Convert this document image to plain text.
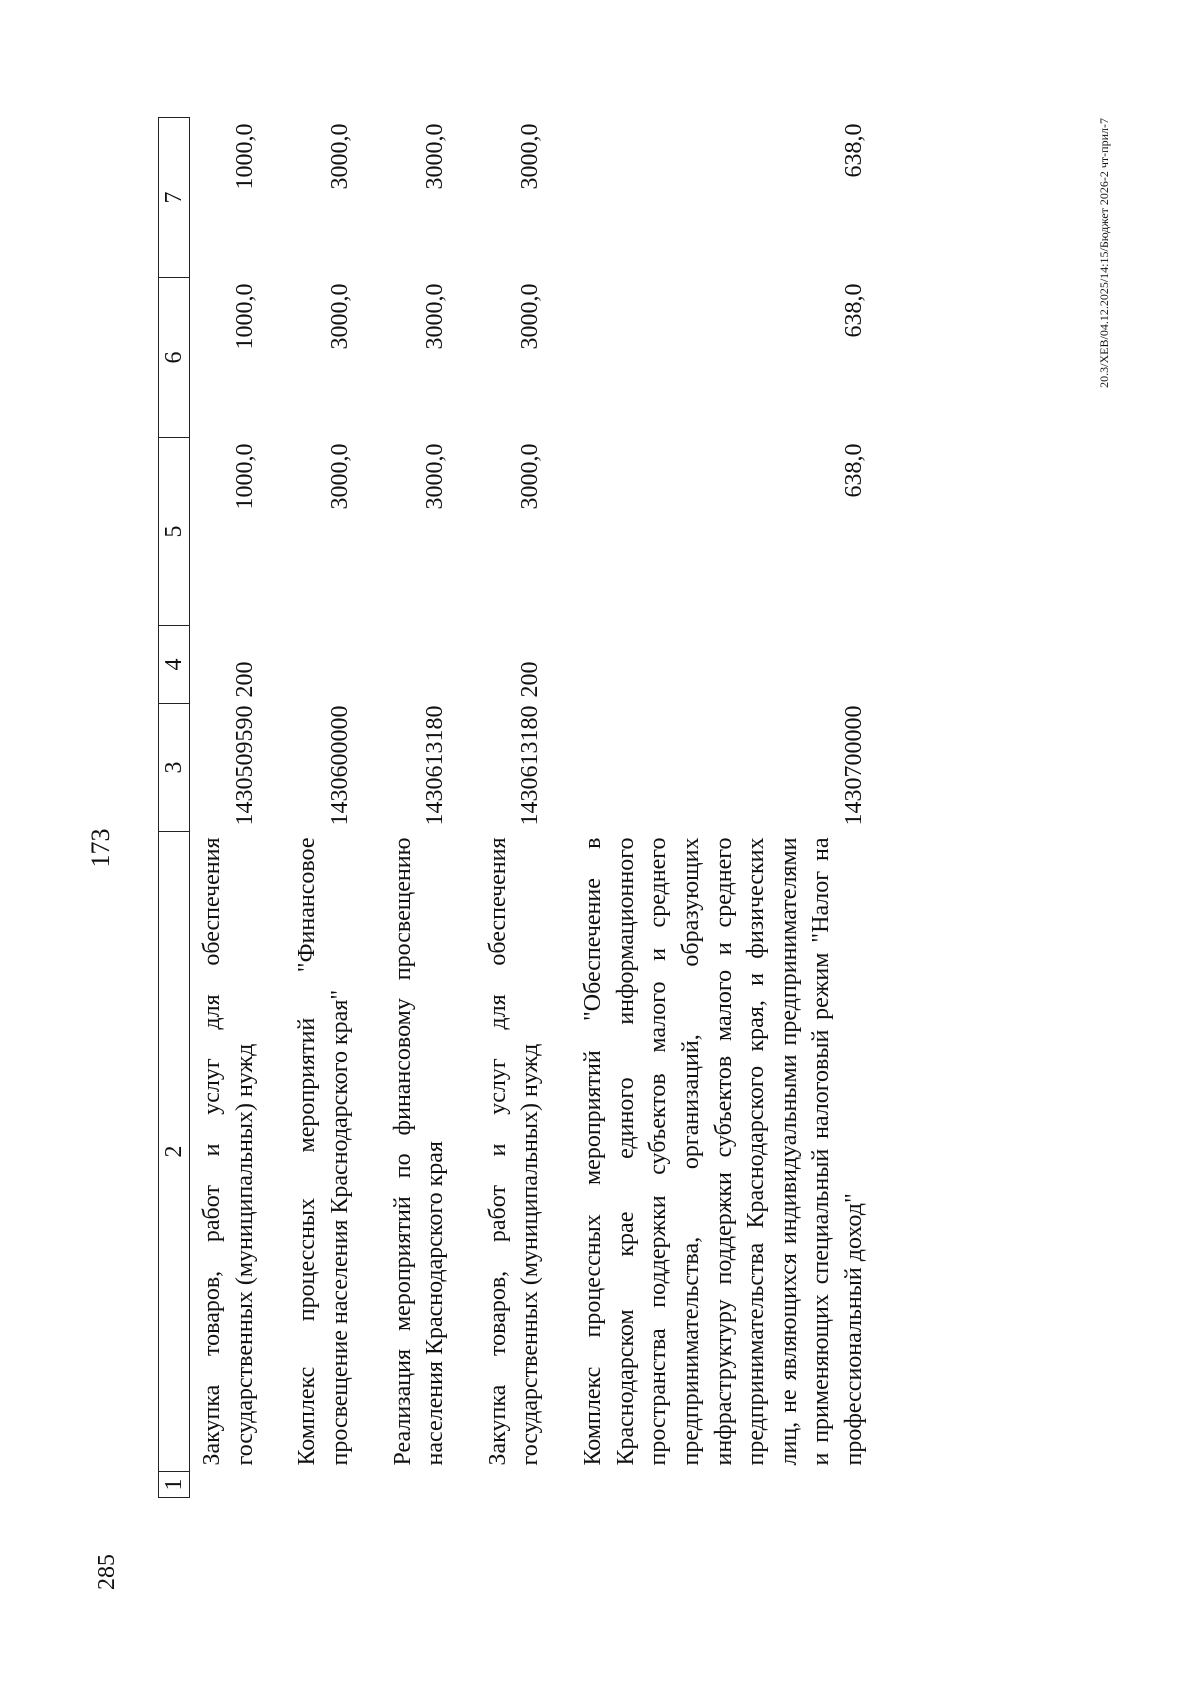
173
1	2	3	4	5	6	7
	Закупка товаров, работ и услуг для обеспечения государственных (муниципальных) нужд	1430509590	200	1000,0	1000,0	1000,0
	Комплекс процессных мероприятий "Финансовое просвещение населения Краснодарского края"	1430600000		3000,0	3000,0	3000,0
	Реализация мероприятий по финансовому просвещению населения Краснодарского края	1430613180		3000,0	3000,0	3000,0
	Закупка товаров, работ и услуг для обеспечения государственных (муниципальных) нужд	1430613180	200	3000,0	3000,0	3000,0
	Комплекс процессных мероприятий "Обеспечение в Краснодарском крае единого информационного пространства поддержки субъектов малого и среднего предпринимательства, организаций, образующих инфраструктуру поддержки субъектов малого и среднего предпринимательства Краснодарского края, и физических лиц, не являющихся индивидуальными предпринимателями и применяющих специальный налоговый режим "Налог на профессиональный доход"	1430700000		638,0	638,0	638,0
285
20.3/XEB/04.12.2025/14:15/Бюджет 2026-2 чт-прил-7
